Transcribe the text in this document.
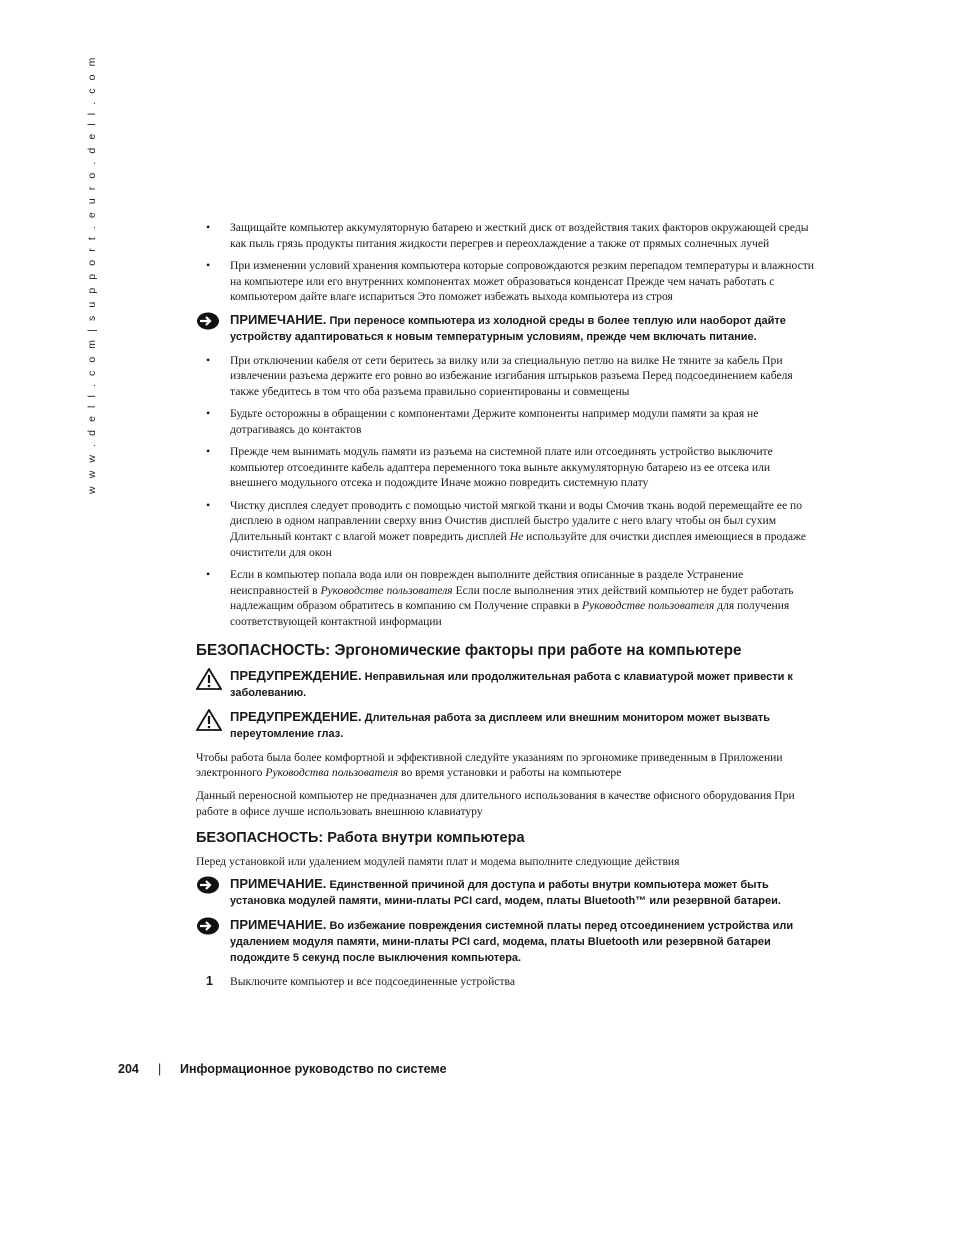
w w w . d e l l . c o m | s u p p o r t . e u r o . d e l l . c o m	• Защищайте компьютер аккумуляторную батарею и жесткий диск от воздействия таких факторов окружающей среды как пыль грязь продукты питания жидкости перегрев и переохлаждение а также от прямых солнечных лучей
• При изменении условий хранения компьютера которые сопровождаются резким перепадом температуры и влажности на компьютере или его внутренних компонентах может образоваться конденсат Прежде чем начать работать с компьютером дайте влаге испариться Это поможет избежать выхода компьютера из строя
ПРИМЕЧАНИЕ. При переносе компьютера из холодной среды в более теплую или наоборот дайте устройству адаптироваться к новым температурным условиям, прежде чем включать питание.
• При отключении кабеля от сети беритесь за вилку или за специальную петлю на вилке Не тяните за кабель При извлечении разъема держите его ровно во избежание изгибания штырьков разъема Перед подсоединением кабеля также убедитесь в том что оба разъема правильно сориентированы и совмещены
• Будьте осторожны в обращении с компонентами Держите компоненты например модули памяти за края не дотрагиваясь до контактов
• Прежде чем вынимать модуль памяти из разъема на системной плате или отсоединять устройство выключите компьютер отсоедините кабель адаптера переменного тока выньте аккумуляторную батарею из ее отсека или внешнего модульного отсека и подождите Иначе можно повредить системную плату
• Чистку дисплея следует проводить с помощью чистой мягкой ткани и воды Смочив ткань водой перемещайте ее по дисплею в одном направлении сверху вниз Очистив дисплей быстро удалите с него влагу чтобы он был сухим Длительный контакт с влагой может повредить дисплей Не используйте для очистки дисплея имеющиеся в продаже очистители для окон
• Если в компьютер попала вода или он поврежден выполните действия описанные в разделе Устранение неисправностей в Руководстве пользователя Если после выполнения этих действий компьютер не будет работать надлежащим образом обратитесь в компанию см Получение справки в Руководстве пользователя для получения соответствующей контактной информации
БЕЗОПАСНОСТЬ: Эргономические факторы при работе на компьютере
ПРЕДУПРЕЖДЕНИЕ. Неправильная или продолжительная работа с клавиатурой может привести к заболеванию.
ПРЕДУПРЕЖДЕНИЕ. Длительная работа за дисплеем или внешним монитором может вызвать переутомление глаз.
Чтобы работа была более комфортной и эффективной следуйте указаниям по эргономике приведенным в Приложении электронного Руководства пользователя во время установки и работы на компьютере
Данный переносной компьютер не предназначен для длительного использования в качестве офисного оборудования При работе в офисе лучше использовать внешнюю клавиатуру
БЕЗОПАСНОСТЬ: Работа внутри компьютера
Перед установкой или удалением модулей памяти плат и модема выполните следующие действия
ПРИМЕЧАНИЕ. Единственной причиной для доступа и работы внутри компьютера может быть установка модулей памяти, мини-платы PCI card, модем, платы Bluetooth™ или резервной батареи.
ПРИМЕЧАНИЕ. Во избежание повреждения системной платы перед отсоединением устройства или удалением модуля памяти, мини-платы PCI card, модема, платы Bluetooth или резервной батареи подождите 5 секунд после выключения компьютера.
1 Выключите компьютер и все подсоединенные устройства
204 | Информационное руководство по системе
